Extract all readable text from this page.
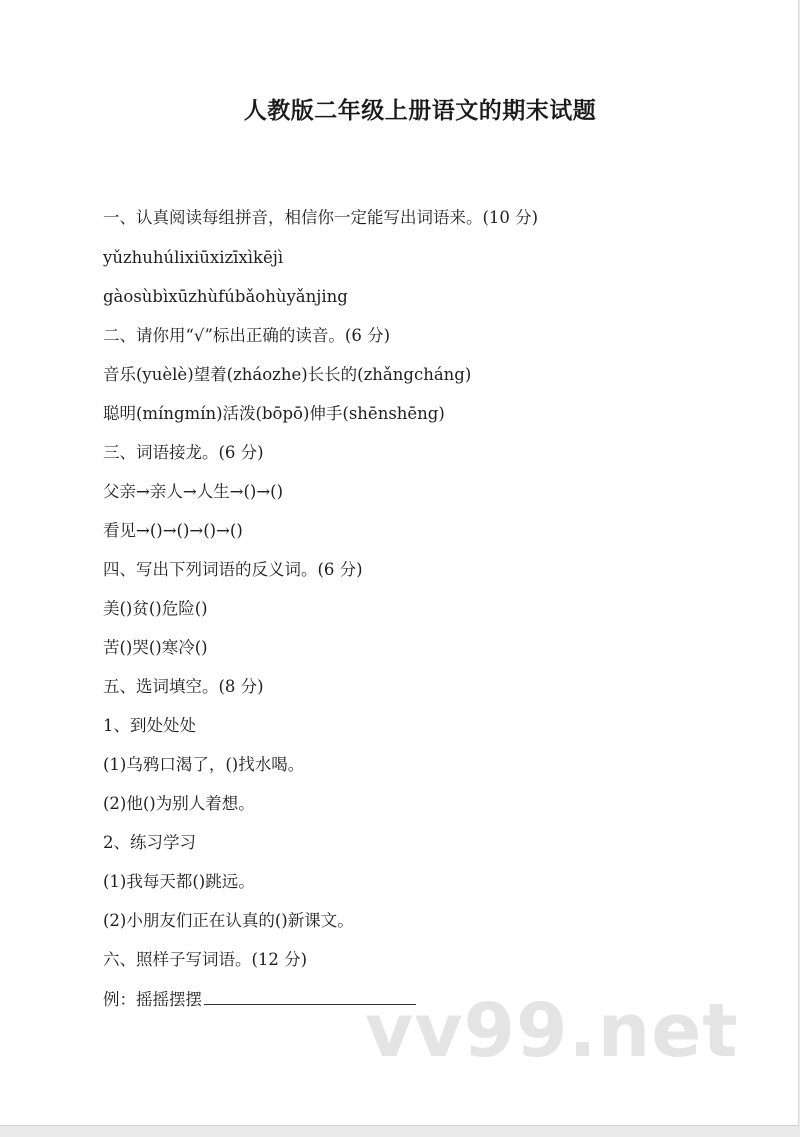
人教版二年级上册语文的期末试题
一、认真阅读每组拼音，相信你一定能写出词语来。(10 分)
yǔzhuhúlixiūxizīxìkējì
gàosùbìxūzhùfúbǎohùyǎnjing
二、请你用“√”标出正确的读音。(6 分)
音乐(yuèlè)望着(zháozhe)长长的(zhǎngcháng)
聪明(míngmín)活泼(bōpō)伸手(shēnshēng)
三、词语接龙。(6 分)
父亲→亲人→人生→()→()
看见→()→()→()→()
四、写出下列词语的反义词。(6 分)
美()贫()危险()
苦()哭()寒冷()
五、选词填空。(8 分)
1、到处处处
(1)乌鸦口渴了，()找水喝。
(2)他()为别人着想。
2、练习学习
(1)我每天都()跳远。
(2)小朋友们正在认真的()新课文。
六、照样子写词语。(12 分)
例：摇摇摆摆	vv99.net
